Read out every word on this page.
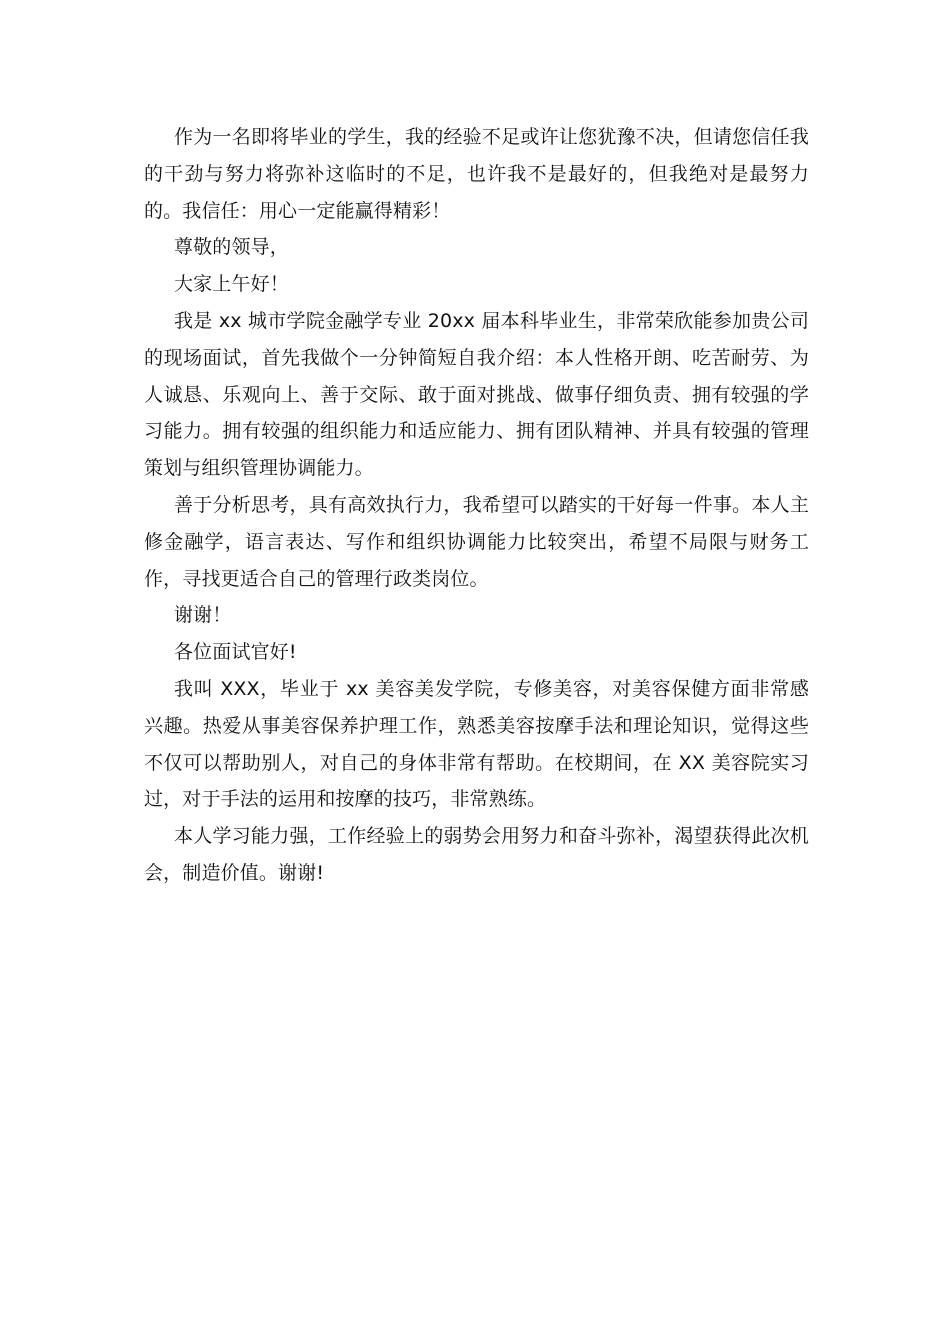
作为一名即将毕业的学生，我的经验不足或许让您犹豫不决，但请您信任我的干劲与努力将弥补这临时的不足，也许我不是最好的，但我绝对是最努力的。我信任：用心一定能赢得精彩！

尊敬的领导，

大家上午好！

我是 xx 城市学院金融学专业 20xx 届本科毕业生，非常荣欣能参加贵公司的现场面试，首先我做个一分钟简短自我介绍：本人性格开朗、吃苦耐劳、为人诚恳、乐观向上、善于交际、敢于面对挑战、做事仔细负责、拥有较强的学习能力。拥有较强的组织能力和适应能力、拥有团队精神、并具有较强的管理策划与组织管理协调能力。

善于分析思考，具有高效执行力，我希望可以踏实的干好每一件事。本人主修金融学，语言表达、写作和组织协调能力比较突出，希望不局限与财务工作，寻找更适合自己的管理行政类岗位。

谢谢！

各位面试官好!

我叫 XXX，毕业于 xx 美容美发学院，专修美容，对美容保健方面非常感兴趣。热爱从事美容保养护理工作，熟悉美容按摩手法和理论知识，觉得这些不仅可以帮助别人，对自己的身体非常有帮助。在校期间，在 XX 美容院实习过，对于手法的运用和按摩的技巧，非常熟练。

本人学习能力强，工作经验上的弱势会用努力和奋斗弥补，渴望获得此次机会，制造价值。谢谢!
